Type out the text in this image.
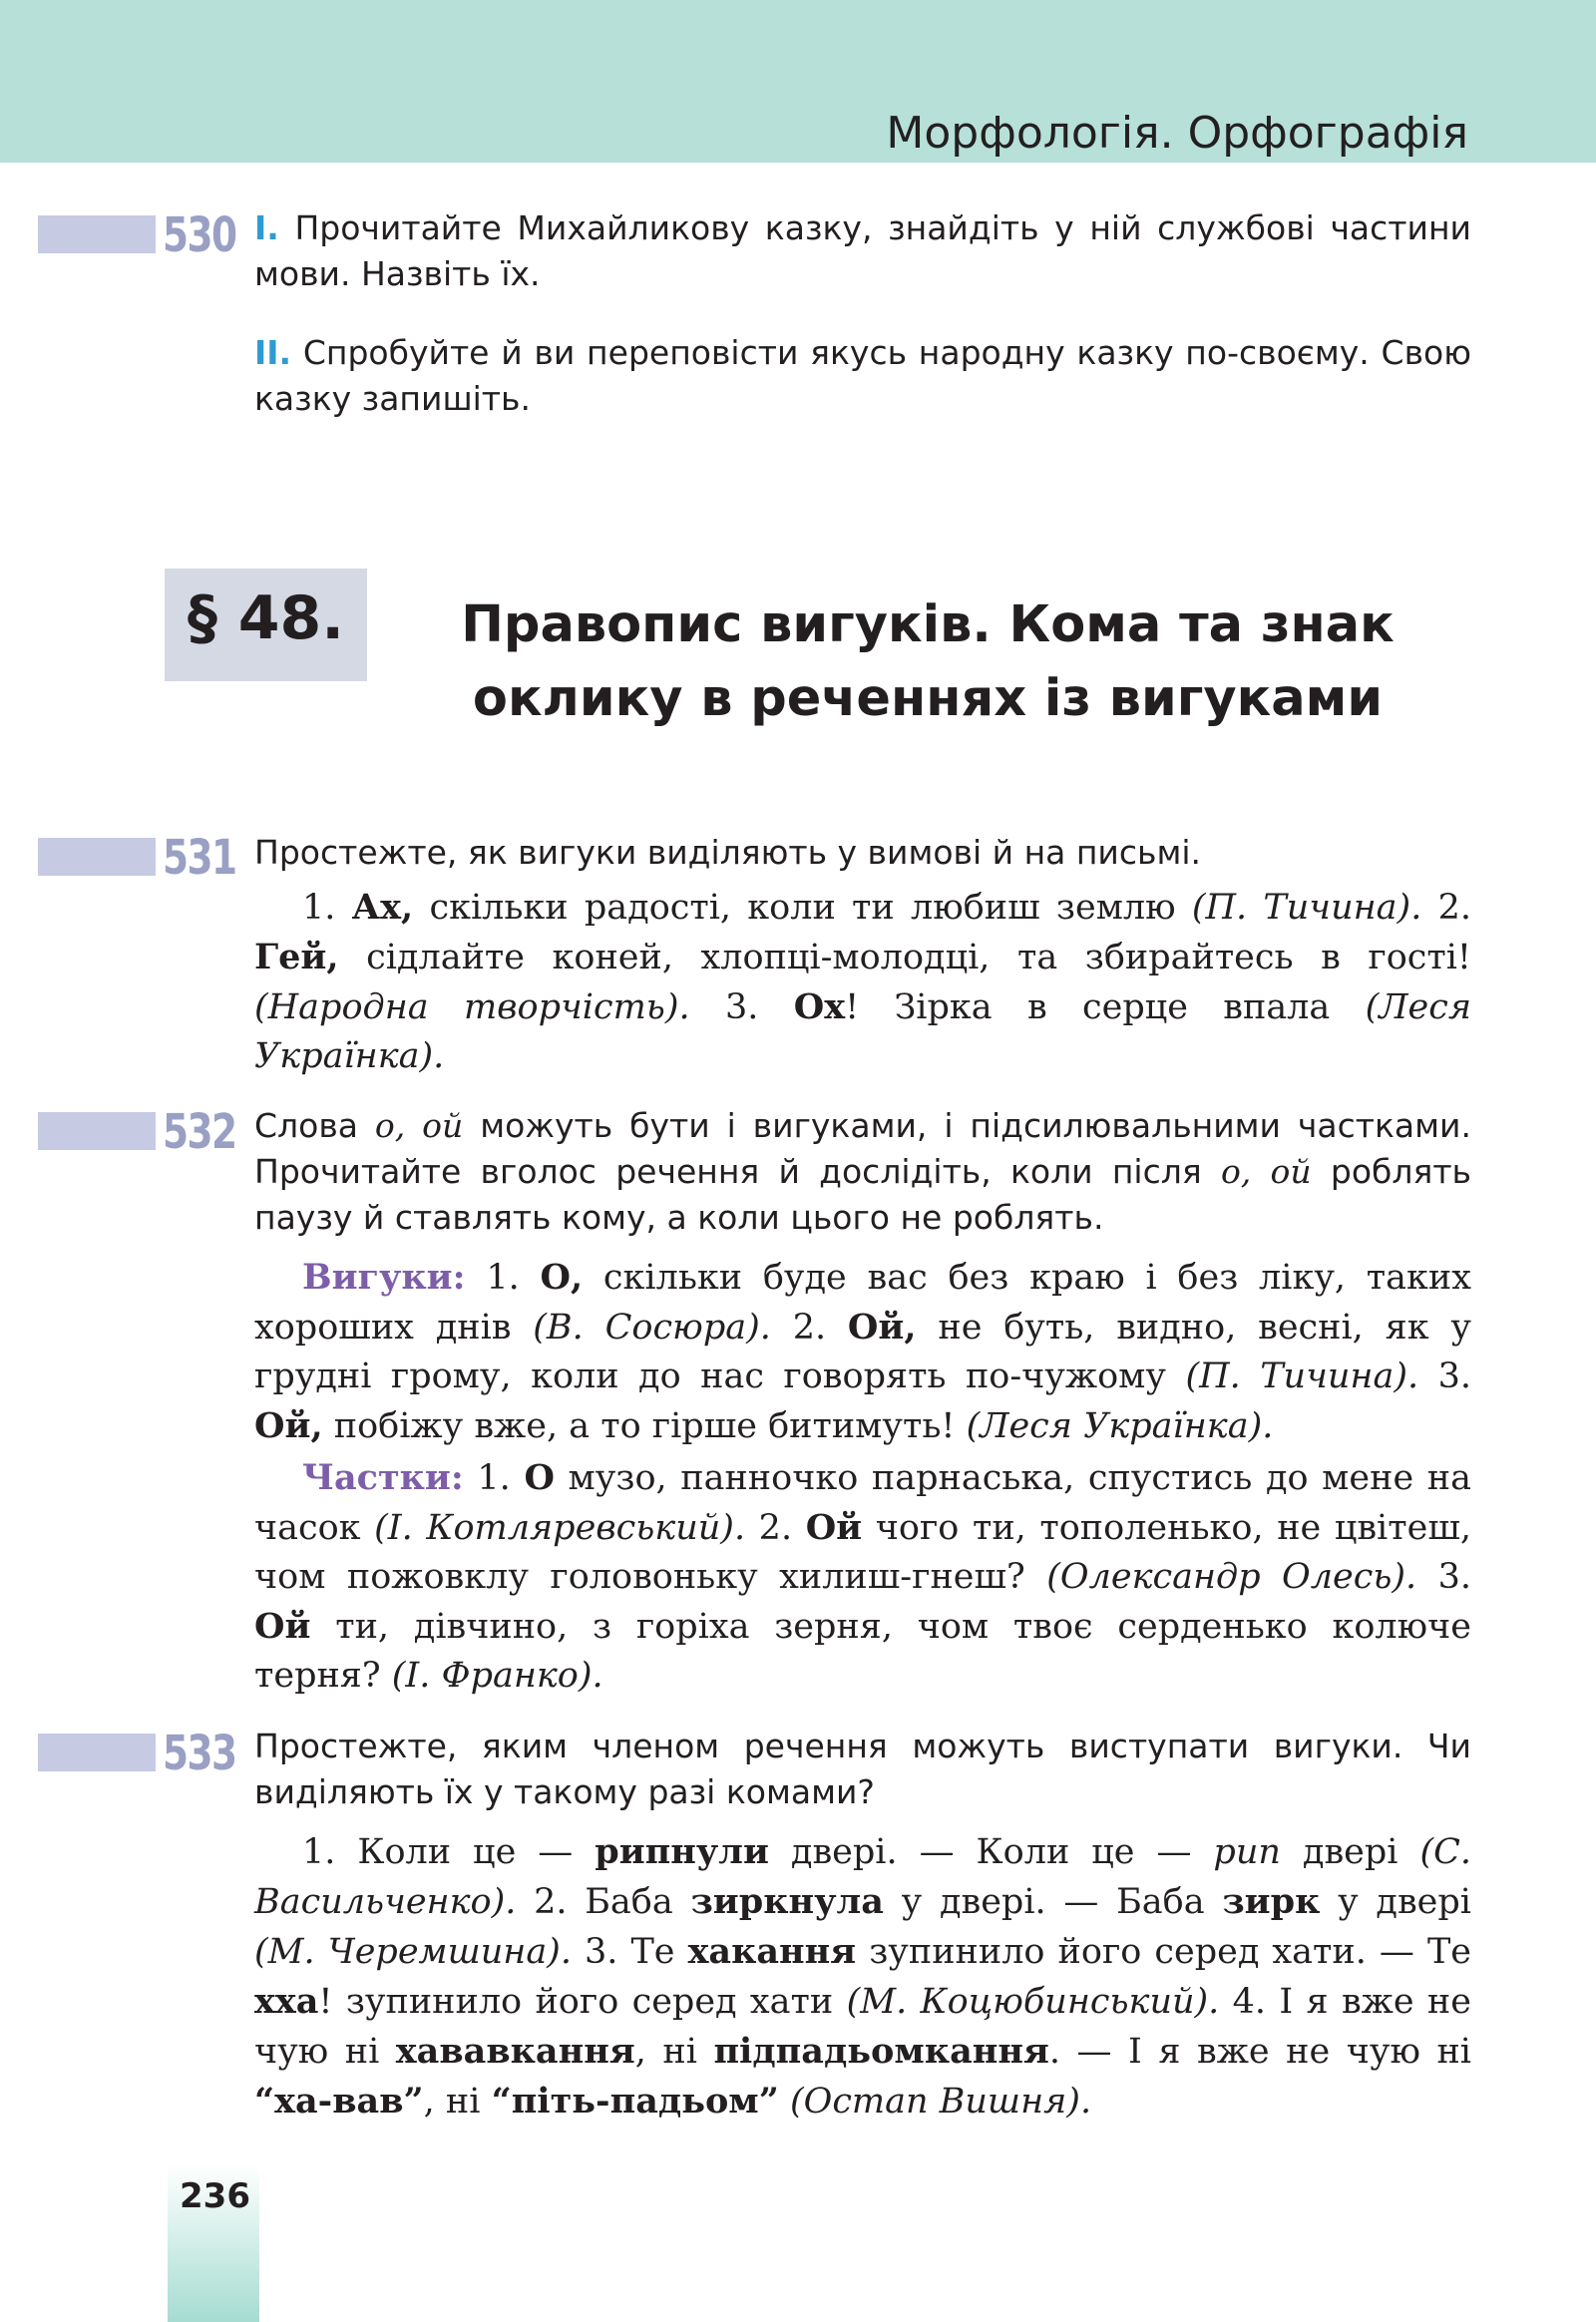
Морфологія. Орфографія
530 I. Прочитайте Михайликову казку, знайдіть у ній службові частини мови. Назвіть їх.
II. Спробуйте й ви переповісти якусь народну казку по-своєму. Свою казку запишіть.
§ 48.	Правопис вигуків. Кома та знак
оклику в реченнях із вигуками
531 Простежте, як вигуки виділяють у вимові й на письмі.
1. Ах, скільки радості, коли ти любиш землю (П. Тичина). 2. Гей, сідлайте коней, хлопці-молодці, та збирайтесь в гості! (Народна творчість). 3. Ох! Зірка в серце впала (Леся Українка).
532 Слова о, ой можуть бути і вигуками, і підсилювальними частками. Прочитайте вголос речення й дослідіть, коли після о, ой роблять паузу й ставлять кому, а коли цього не роблять.
Вигуки: 1. О, скільки буде вас без краю і без ліку, таких хороших днів (В. Сосюра). 2. Ой, не буть, видно, весні, як у грудні грому, коли до нас говорять по-чужому (П. Тичина). 3. Ой, побіжу вже, а то гірше битимуть! (Леся Українка).
Частки: 1. О музо, панночко парнаська, спустись до мене на часок (І. Котляревський). 2. Ой чого ти, тополенько, не цвітеш, чом пожовклу головоньку хилиш-гнеш? (Олександр Олесь). 3. Ой ти, дівчино, з горіха зерня, чом твоє серденько колюче терня? (І. Франко).
533 Простежте, яким членом речення можуть виступати вигуки. Чи виділяють їх у такому разі комами?
1. Коли це — рипнули двері. — Коли це — рип двері (С. Васильченко). 2. Баба зиркнула у двері. — Баба зирк у двері (М. Черемшина). 3. Те хакання зупинило його серед хати. — Те хха! зупинило його серед хати (М. Коцюбинський). 4. І я вже не чую ні хававкання, ні підпадьомкання. — І я вже не чую ні “ха-вав”, ні “піть-падьом” (Остап Вишня).
236
